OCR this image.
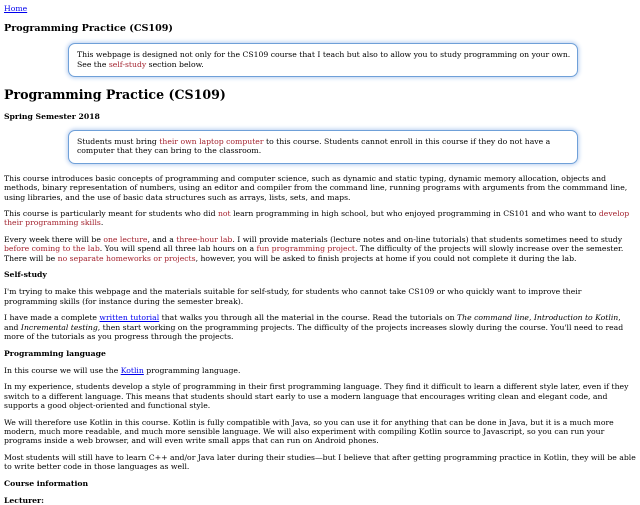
Home
Programming Practice (CS109)
This webpage is designed not only for the CS109 course that I teach but also to allow you to study programming on your own. See the self-study section below.
Programming Practice (CS109)
Spring Semester 2018
Students must bring their own laptop computer to this course. Students cannot enroll in this course if they do not have a computer that they can bring to the classroom.

This course introduces basic concepts of programming and computer science, such as dynamic and static typing, dynamic memory allocation, objects and methods, binary representation of numbers, using an editor and compiler from the command line, running programs with arguments from the commmand line, using libraries, and the use of basic data structures such as arrays, lists, sets, and maps.

This course is particularly meant for students who did not learn programming in high school, but who enjoyed programming in CS101 and who want to develop their programming skills.

Every week there will be one lecture, and a three-hour lab. I will provide materials (lecture notes and on-line tutorials) that students sometimes need to study before coming to the lab. You will spend all three lab hours on a fun programming project. The difficulty of the projects will slowly increase over the semester. There will be no separate homeworks or projects, however, you will be asked to finish projects at home if you could not complete it during the lab.

Self-study

I'm trying to make this webpage and the materials suitable for self-study, for students who cannot take CS109 or who quickly want to improve their programming skills (for instance during the semester break).

I have made a complete written tutorial that walks you through all the material in the course. Read the tutorials on The command line, Introduction to Kotlin, and Incremental testing, then start working on the programming projects. The difficulty of the projects increases slowly during the course. You'll need to read more of the tutorials as you progress through the projects.

Programming language

In this course we will use the Kotlin programming language.

In my experience, students develop a style of programming in their first programming language. They find it difficult to learn a different style later, even if they switch to a different language. This means that students should start early to use a modern language that encourages writing clean and elegant code, and supports a good object-oriented and functional style.

We will therefore use Kotlin in this course. Kotlin is fully compatible with Java, so you can use it for anything that can be done in Java, but it is a much more modern, much more readable, and much more sensible language. We will also experiment with compiling Kotlin source to Javascript, so you can run your programs inside a web browser, and will even write small apps that can run on Android phones.

Most students will still have to learn C++ and/or Java later during their studies—but I believe that after getting programming practice in Kotlin, they will be able to write better code in those languages as well.

Course information
Lecturer:
